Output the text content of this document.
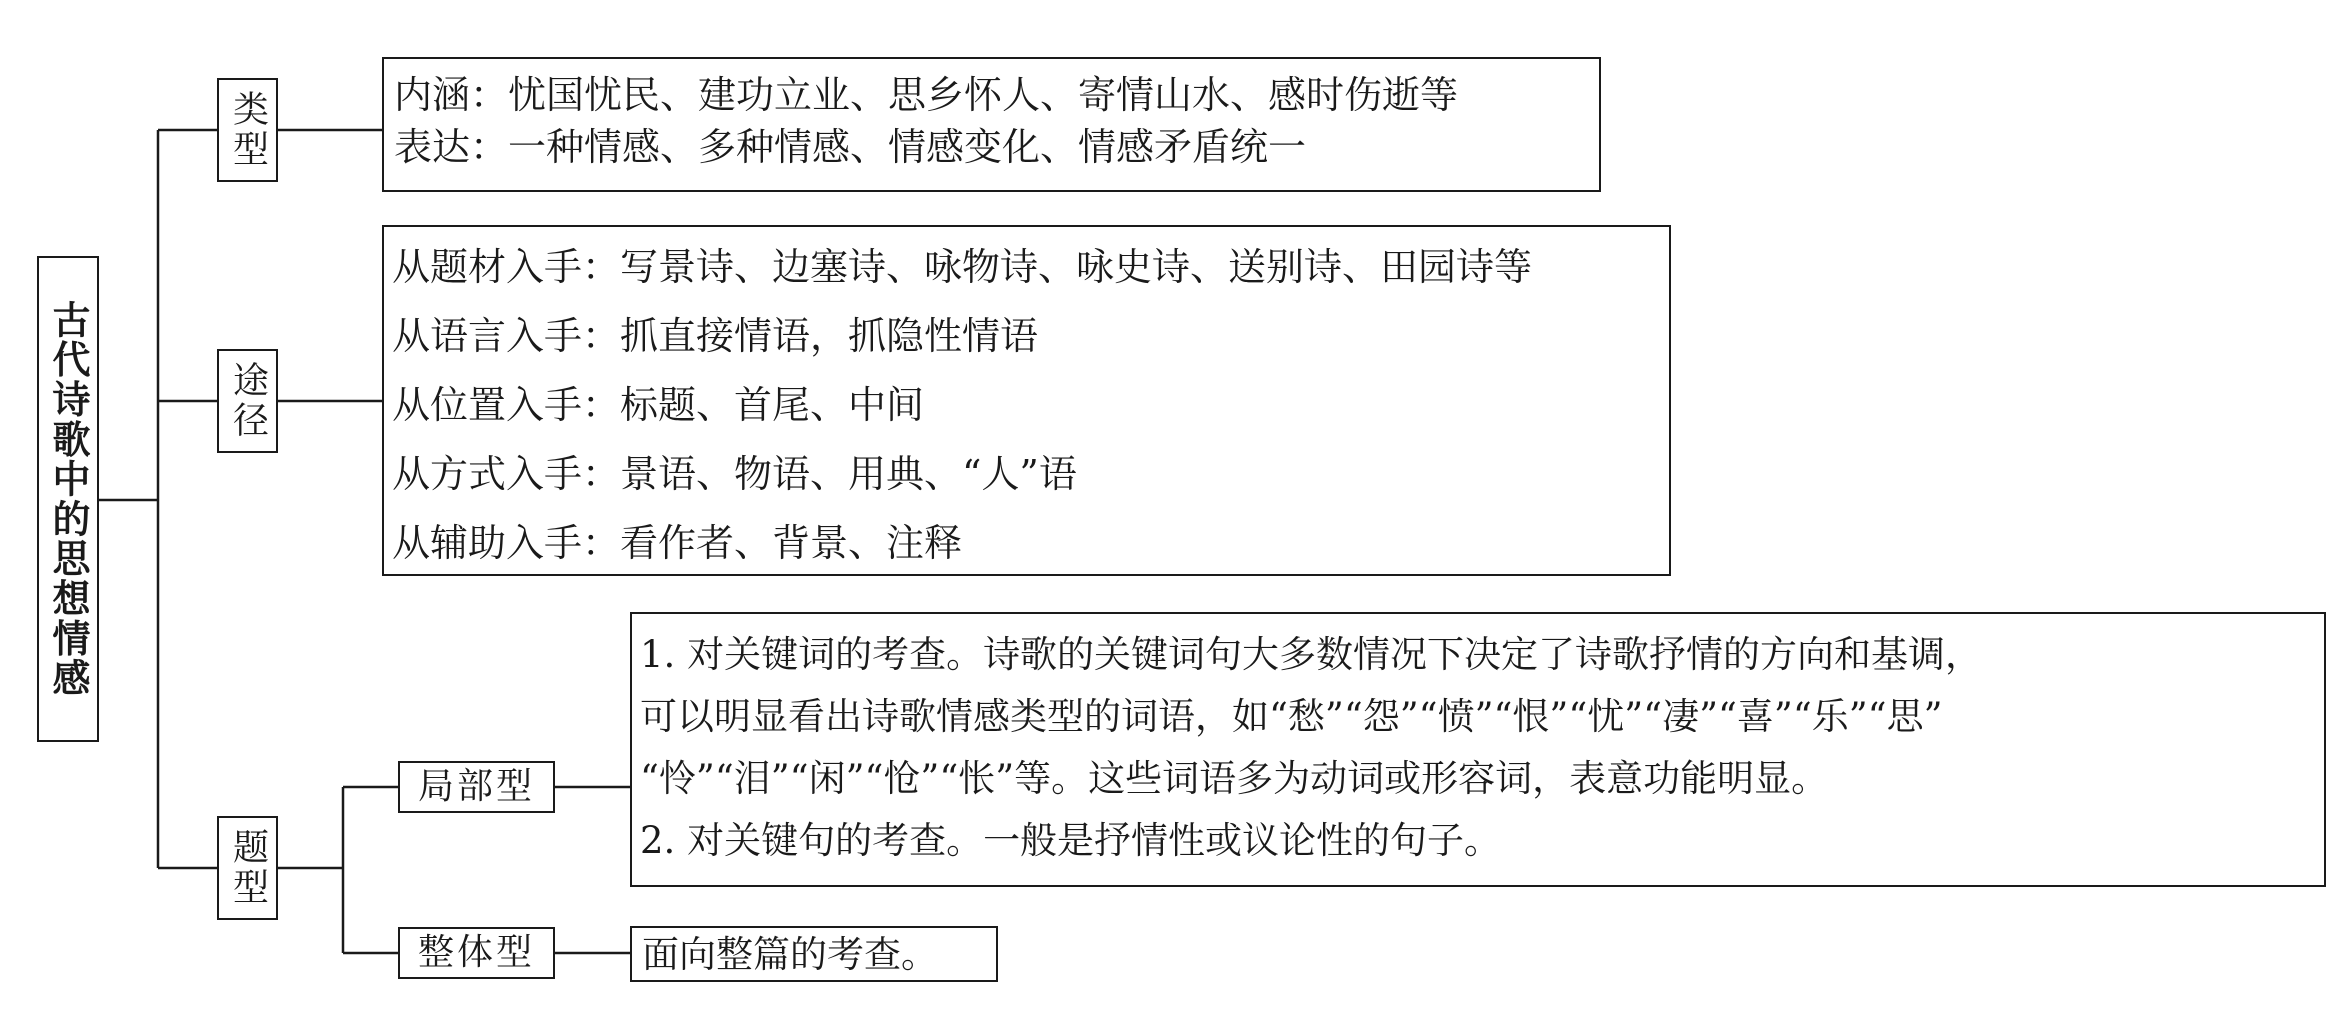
古代诗歌中的思想情感
类型	内涵：忧国忧民、建功立业、思乡怀人、寄情山水、感时伤逝等
表达：一种情感、多种情感、情感变化、情感矛盾统一
途径
从题材入手：写景诗、边塞诗、咏物诗、咏史诗、送别诗、田园诗等
从语言入手：抓直接情语，抓隐性情语
从位置入手：标题、首尾、中间
从方式入手：景语、物语、用典、“人”语
从辅助入手：看作者、背景、注释
题型
局部型
1. 对关键词的考查。诗歌的关键词句大多数情况下决定了诗歌抒情的方向和基调，
可以明显看出诗歌情感类型的词语，如“愁”“怨”“愤”“恨”“忧”“凄”“喜”“乐”“思”
“怜”“泪”“闲”“怆”“怅”等。这些词语多为动词或形容词，表意功能明显。
2. 对关键句的考查。一般是抒情性或议论性的句子。
整体型	面向整篇的考查。
